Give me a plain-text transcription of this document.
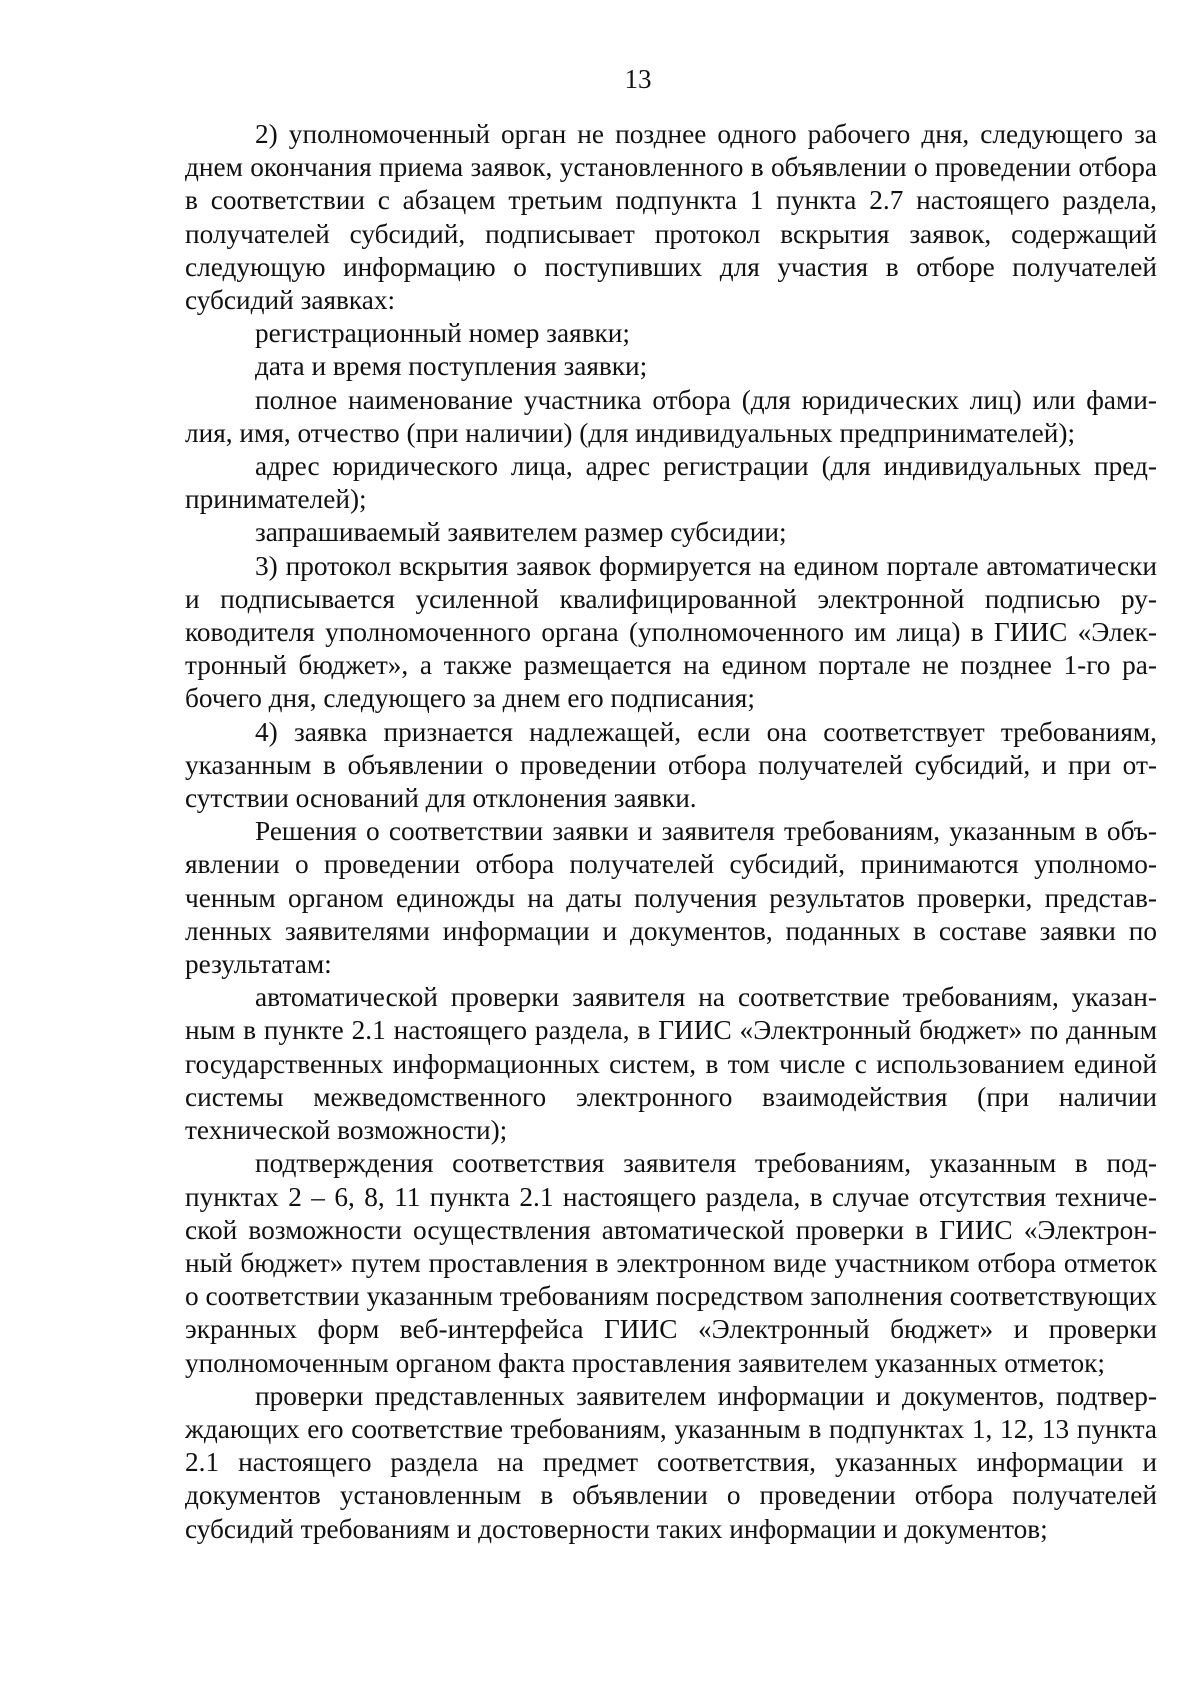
13

2) уполномоченный орган не позднее одного рабочего дня, следующего за днем окончания приема заявок, установленного в объявлении о проведении отбора в соответствии с абзацем третьим подпункта 1 пункта 2.7 настоящего раздела, получателей субсидий, подписывает протокол вскрытия заявок, содержащий следующую информацию о поступивших для участия в отборе получателей субсидий заявках:

регистрационный номер заявки;

дата и время поступления заявки;

полное наименование участника отбора (для юридических лиц) или фамилия, имя, отчество (при наличии) (для индивидуальных предпринимателей);

адрес юридического лица, адрес регистрации (для индивидуальных предпринимателей);

запрашиваемый заявителем размер субсидии;

3) протокол вскрытия заявок формируется на едином портале автоматически и подписывается усиленной квалифицированной электронной подписью руководителя уполномоченного органа (уполномоченного им лица) в ГИИС «Электронный бюджет», а также размещается на едином портале не позднее 1-го рабочего дня, следующего за днем его подписания;

4) заявка признается надлежащей, если она соответствует требованиям, указанным в объявлении о проведении отбора получателей субсидий, и при отсутствии оснований для отклонения заявки.

Решения о соответствии заявки и заявителя требованиям, указанным в объявлении о проведении отбора получателей субсидий, принимаются уполномоченным органом единожды на даты получения результатов проверки, представленных заявителями информации и документов, поданных в составе заявки по результатам:

автоматической проверки заявителя на соответствие требованиям, указанным в пункте 2.1 настоящего раздела, в ГИИС «Электронный бюджет» по данным государственных информационных систем, в том числе с использованием единой системы межведомственного электронного взаимодействия (при наличии технической возможности);

подтверждения соответствия заявителя требованиям, указанным в подпунктах 2 – 6, 8, 11 пункта 2.1 настоящего раздела, в случае отсутствия технической возможности осуществления автоматической проверки в ГИИС «Электронный бюджет» путем проставления в электронном виде участником отбора отметок о соответствии указанным требованиям посредством заполнения соответствующих экранных форм веб-интерфейса ГИИС «Электронный бюджет» и проверки уполномоченным органом факта проставления заявителем указанных отметок;

проверки представленных заявителем информации и документов, подтверждающих его соответствие требованиям, указанным в подпунктах 1, 12, 13 пункта 2.1 настоящего раздела на предмет соответствия, указанных информации и документов установленным в объявлении о проведении отбора получателей субсидий требованиям и достоверности таких информации и документов;
